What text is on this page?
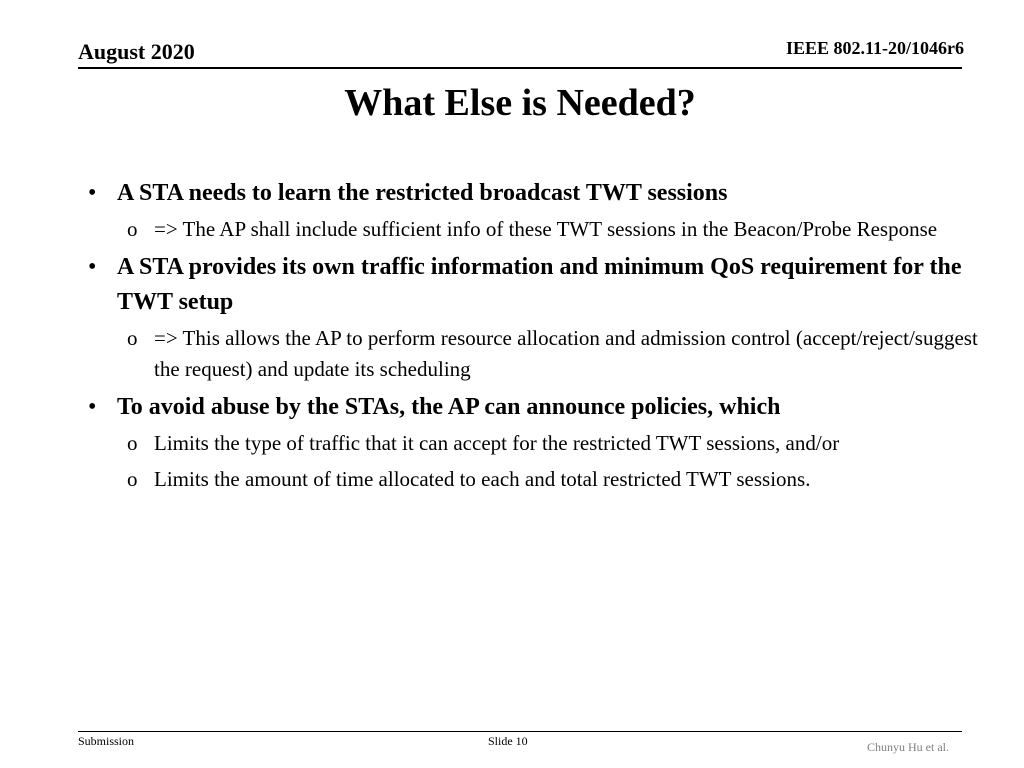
August 2020	IEEE 802.11-20/1046r6
What Else is Needed?
• A STA needs to learn the restricted broadcast TWT sessions
o => The AP shall include sufficient info of these TWT sessions in the Beacon/Probe Response
• A STA provides its own traffic information and minimum QoS requirement for the TWT setup
o => This allows the AP to perform resource allocation and admission control (accept/reject/suggest the request) and update its scheduling
• To avoid abuse by the STAs, the AP can announce policies, which
o Limits the type of traffic that it can accept for the restricted TWT sessions, and/or
o Limits the amount of time allocated to each and total restricted TWT sessions.
Submission	Slide 10	Chunyu Hu et al.
